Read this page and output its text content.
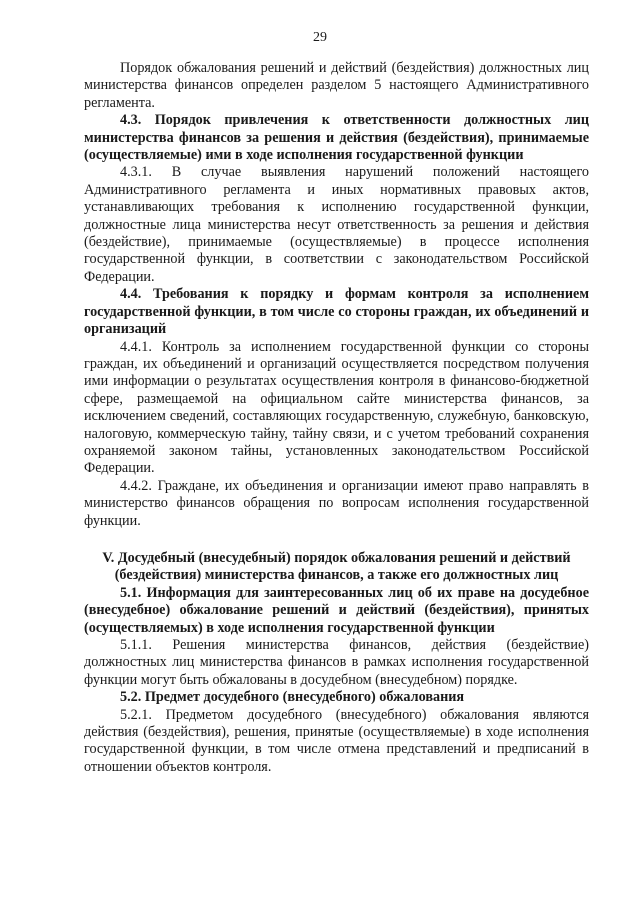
29

Порядок обжалования решений и действий (бездействия) должностных лиц министерства финансов определен разделом 5 настоящего Административного регламента.

4.3. Порядок привлечения к ответственности должностных лиц министерства финансов за решения и действия (бездействия), принимаемые (осуществляемые) ими в ходе исполнения государственной функции

4.3.1. В случае выявления нарушений положений настоящего Административного регламента и иных нормативных правовых актов, устанавливающих требования к исполнению государственной функции, должностные лица министерства несут ответственность за решения и действия (бездействие), принимаемые (осуществляемые) в процессе исполнения государственной функции, в соответствии с законодательством Российской Федерации.

4.4. Требования к порядку и формам контроля за исполнением государственной функции, в том числе со стороны граждан, их объединений и организаций

4.4.1. Контроль за исполнением государственной функции со стороны граждан, их объединений и организаций осуществляется посредством получения ими информации о результатах осуществления контроля в финансово-бюджетной сфере, размещаемой на официальном сайте министерства финансов, за исключением сведений, составляющих государственную, служебную, банковскую, налоговую, коммерческую тайну, тайну связи, и с учетом требований сохранения охраняемой законом тайны, установленных законодательством Российской Федерации.

4.4.2. Граждане, их объединения и организации имеют право направлять в министерство финансов обращения по вопросам исполнения государственной функции.

V. Досудебный (внесудебный) порядок обжалования решений и действий (бездействия) министерства финансов, а также его должностных лиц

5.1. Информация для заинтересованных лиц об их праве на досудебное (внесудебное) обжалование решений и действий (бездействия), принятых (осуществляемых) в ходе исполнения государственной функции

5.1.1. Решения министерства финансов, действия (бездействие) должностных лиц министерства финансов в рамках исполнения государственной функции могут быть обжалованы в досудебном (внесудебном) порядке.

5.2. Предмет досудебного (внесудебного) обжалования

5.2.1. Предметом досудебного (внесудебного) обжалования являются действия (бездействия), решения, принятые (осуществляемые) в ходе исполнения государственной функции, в том числе отмена представлений и предписаний в отношении объектов контроля.
